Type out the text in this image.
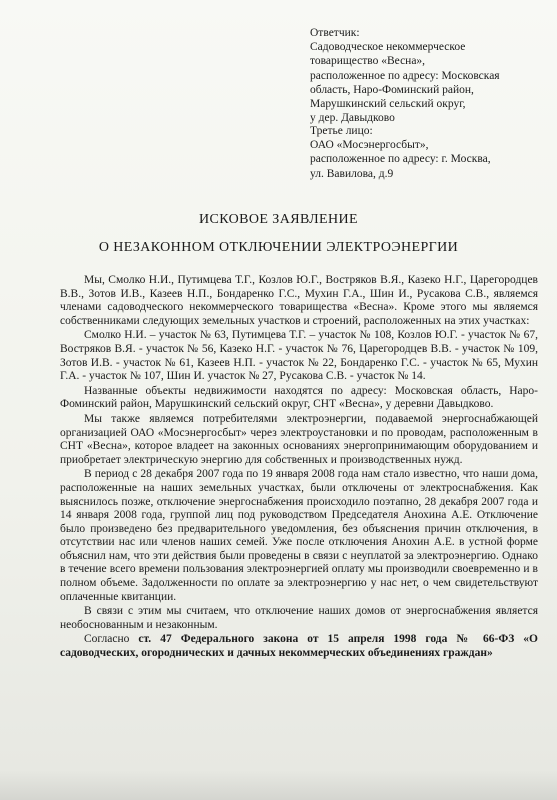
Ответчик:
Садоводческое некоммерческое
товарищество «Весна»,
расположенное по адресу: Московская
область, Наро-Фоминский район,
Марушкинский сельский округ,
у дер. Давыдково
Третье лицо:
ОАО «Мосэнергосбыт»,
расположенное по адресу: г. Москва,
ул. Вавилова, д.9
ИСКОВОЕ ЗАЯВЛЕНИЕ
О НЕЗАКОННОМ ОТКЛЮЧЕНИИ ЭЛЕКТРОЭНЕРГИИ

Мы, Смолко Н.И., Путимцева Т.Г., Козлов Ю.Г., Востряков В.Я., Казеко Н.Г., Царегородцев В.В., Зотов И.В., Казеев Н.П., Бондаренко Г.С., Мухин Г.А., Шин И., Русакова С.В., являемся членами садоводческого некоммерческого товарищества «Весна». Кроме этого мы являемся собственниками следующих земельных участков и строений, расположенных на этих участках:

Смолко Н.И. – участок № 63, Путимцева Т.Г. – участок № 108, Козлов Ю.Г. - участок № 67, Востряков В.Я. - участок № 56, Казеко Н.Г. - участок № 76, Царегородцев В.В. - участок № 109, Зотов И.В. - участок № 61, Казеев Н.П. - участок № 22, Бондаренко Г.С. - участок № 65, Мухин Г.А. - участок № 107, Шин И. участок № 27, Русакова С.В. - участок № 14.

Названные объекты недвижимости находятся по адресу: Московская область, Наро-Фоминский район, Марушкинский сельский округ, СНТ «Весна», у деревни Давыдково.

Мы также являемся потребителями электроэнергии, подаваемой энергоснабжающей организацией ОАО «Мосэнергосбыт» через электроустановки и по проводам, расположенным в СНТ «Весна», которое владеет на законных основаниях энергопринимающим оборудованием и приобретает электрическую энергию для собственных и производственных нужд.

В период с 28 декабря 2007 года по 19 января 2008 года нам стало известно, что наши дома, расположенные на наших земельных участках, были отключены от электроснабжения. Как выяснилось позже, отключение энергоснабжения происходило поэтапно, 28 декабря 2007 года и 14 января 2008 года, группой лиц под руководством Председателя Анохина А.Е. Отключение было произведено без предварительного уведомления, без объяснения причин отключения, в отсутствии нас или членов наших семей. Уже после отключения Анохин А.Е. в устной форме объяснил нам, что эти действия были проведены в связи с неуплатой за электроэнергию. Однако в течение всего времени пользования электроэнергией оплату мы производили своевременно и в полном объеме. Задолженности по оплате за электроэнергию у нас нет, о чем свидетельствуют оплаченные квитанции.

В связи с этим мы считаем, что отключение наших домов от энергоснабжения является необоснованным и незаконным.

Согласно ст. 47 Федерального закона от 15 апреля 1998 года № 66-ФЗ «О садоводческих, огороднических и дачных некоммерческих объединениях граждан»
